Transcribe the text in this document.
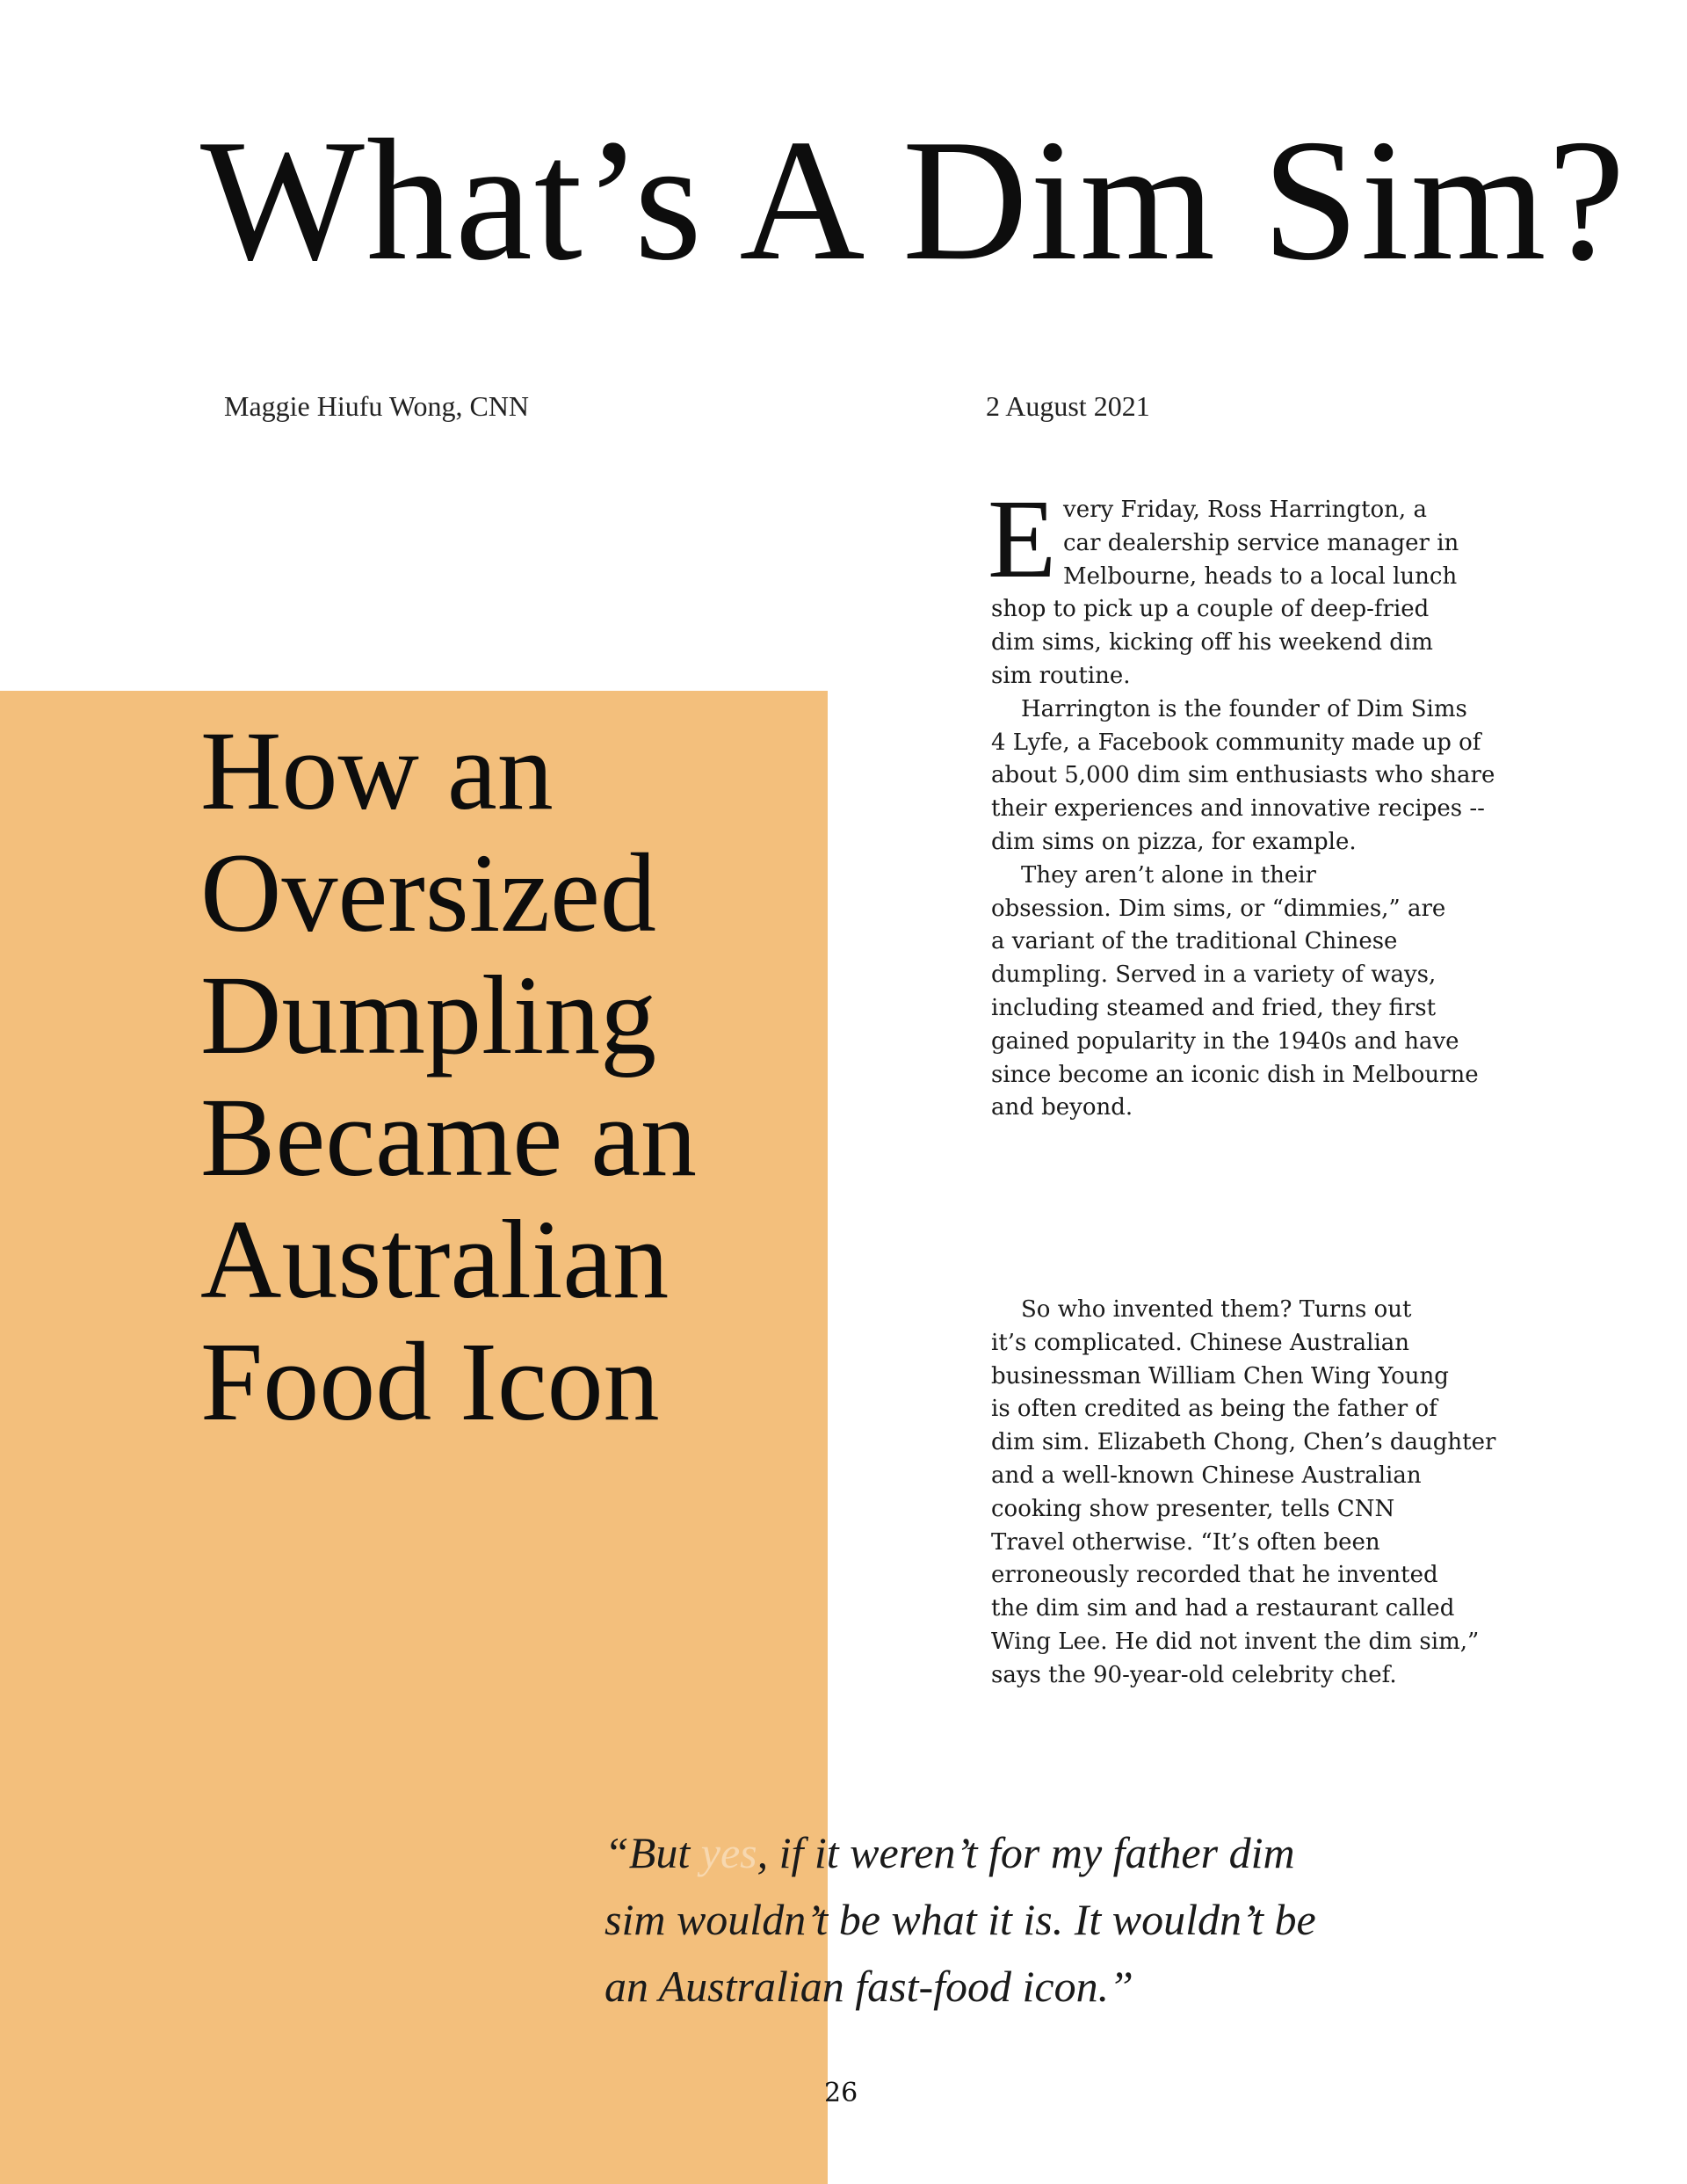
What’s A Dim Sim?

Maggie Hiufu Wong, CNN	2 August 2021

How an
Oversized
Dumpling
Became an
Australian
Food Icon
E very Friday, Ross Harrington, a
car dealership service manager in
Melbourne, heads to a local lunch
shop to pick up a couple of deep-fried
dim sims, kicking off his weekend dim
sim routine.

Harrington is the founder of Dim Sims
4 Lyfe, a Facebook community made up of
about 5,000 dim sim enthusiasts who share
their experiences and innovative recipes --
dim sims on pizza, for example.

They aren’t alone in their
obsession. Dim sims, or “dimmies,” are
a variant of the traditional Chinese
dumpling. Served in a variety of ways,
including steamed and fried, they first
gained popularity in the 1940s and have
since become an iconic dish in Melbourne
and beyond.

So who invented them? Turns out
it’s complicated. Chinese Australian
businessman William Chen Wing Young
is often credited as being the father of
dim sim. Elizabeth Chong, Chen’s daughter
and a well-known Chinese Australian
cooking show presenter, tells CNN
Travel otherwise. “It’s often been
erroneously recorded that he invented
the dim sim and had a restaurant called
Wing Lee. He did not invent the dim sim,”
says the 90-year-old celebrity chef.

“But yes, if it weren’t for my father dim
sim wouldn’t be what it is. It wouldn’t be
an Australian fast-food icon.”
26
